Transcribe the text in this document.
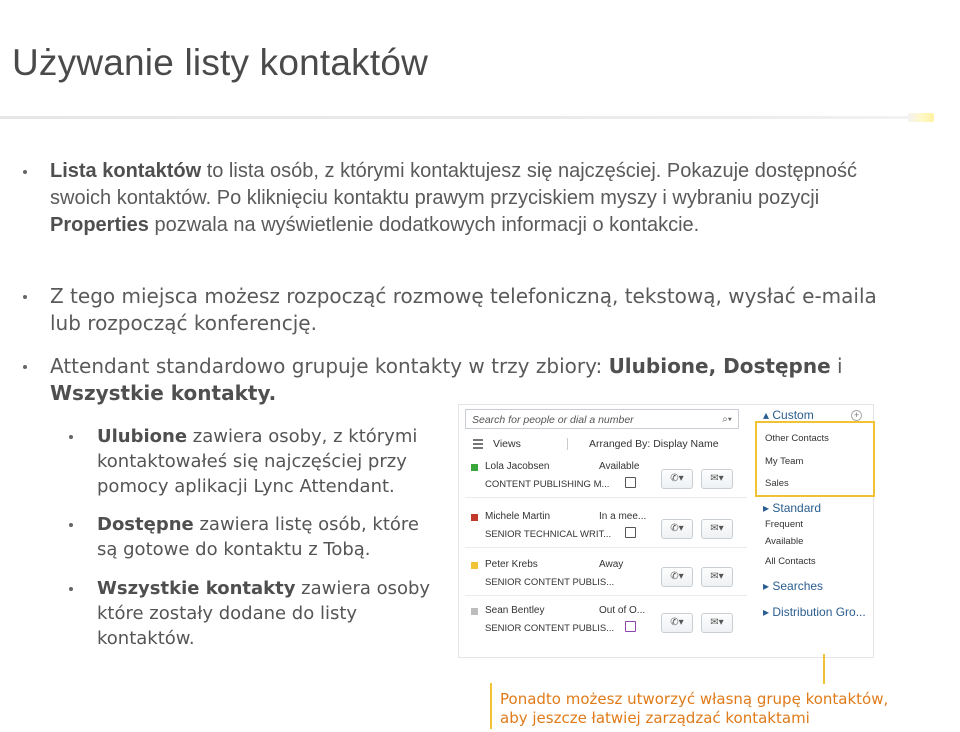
Używanie listy kontaktów
Lista kontaktów to lista osób, z którymi kontaktujesz się najczęściej. Pokazuje dostępność swoich kontaktów. Po kliknięciu kontaktu prawym przyciskiem myszy i wybraniu pozycji Properties pozwala na wyświetlenie dodatkowych informacji o kontakcie.
Z tego miejsca możesz rozpocząć rozmowę telefoniczną, tekstową, wysłać e-maila lub rozpocząć konferencję.
Attendant standardowo grupuje kontakty w trzy zbiory: Ulubione, Dostępne i Wszystkie kontakty.
Ulubione zawiera osoby, z którymi kontaktowałeś się najczęściej przy pomocy aplikacji Lync Attendant.
Dostępne zawiera listę osób, które są gotowe do kontaktu z Tobą.
Wszystkie kontakty zawiera osoby które zostały dodane do listy kontaktów.
Search for people or dial a number	⌕▾
Views	Arranged By: Display Name
Lola Jacobsen
CONTENT PUBLISHING M...
Available
✆▾	✉▾
Michele Martin
SENIOR TECHNICAL WRIT...
In a mee...
✆▾	✉▾
Peter Krebs
SENIOR CONTENT PUBLIS...
Away
✆▾	✉▾
Sean Bentley
SENIOR CONTENT PUBLIS...
Out of O...
✆▾	✉▾
▴ Custom	+
Other Contacts
My Team
Sales
▸ Standard
Frequent
Available
All Contacts
▸ Searches
▸ Distribution Gro...
Ponadto możesz utworzyć własną grupę kontaktów,
aby jeszcze łatwiej zarządzać kontaktami
